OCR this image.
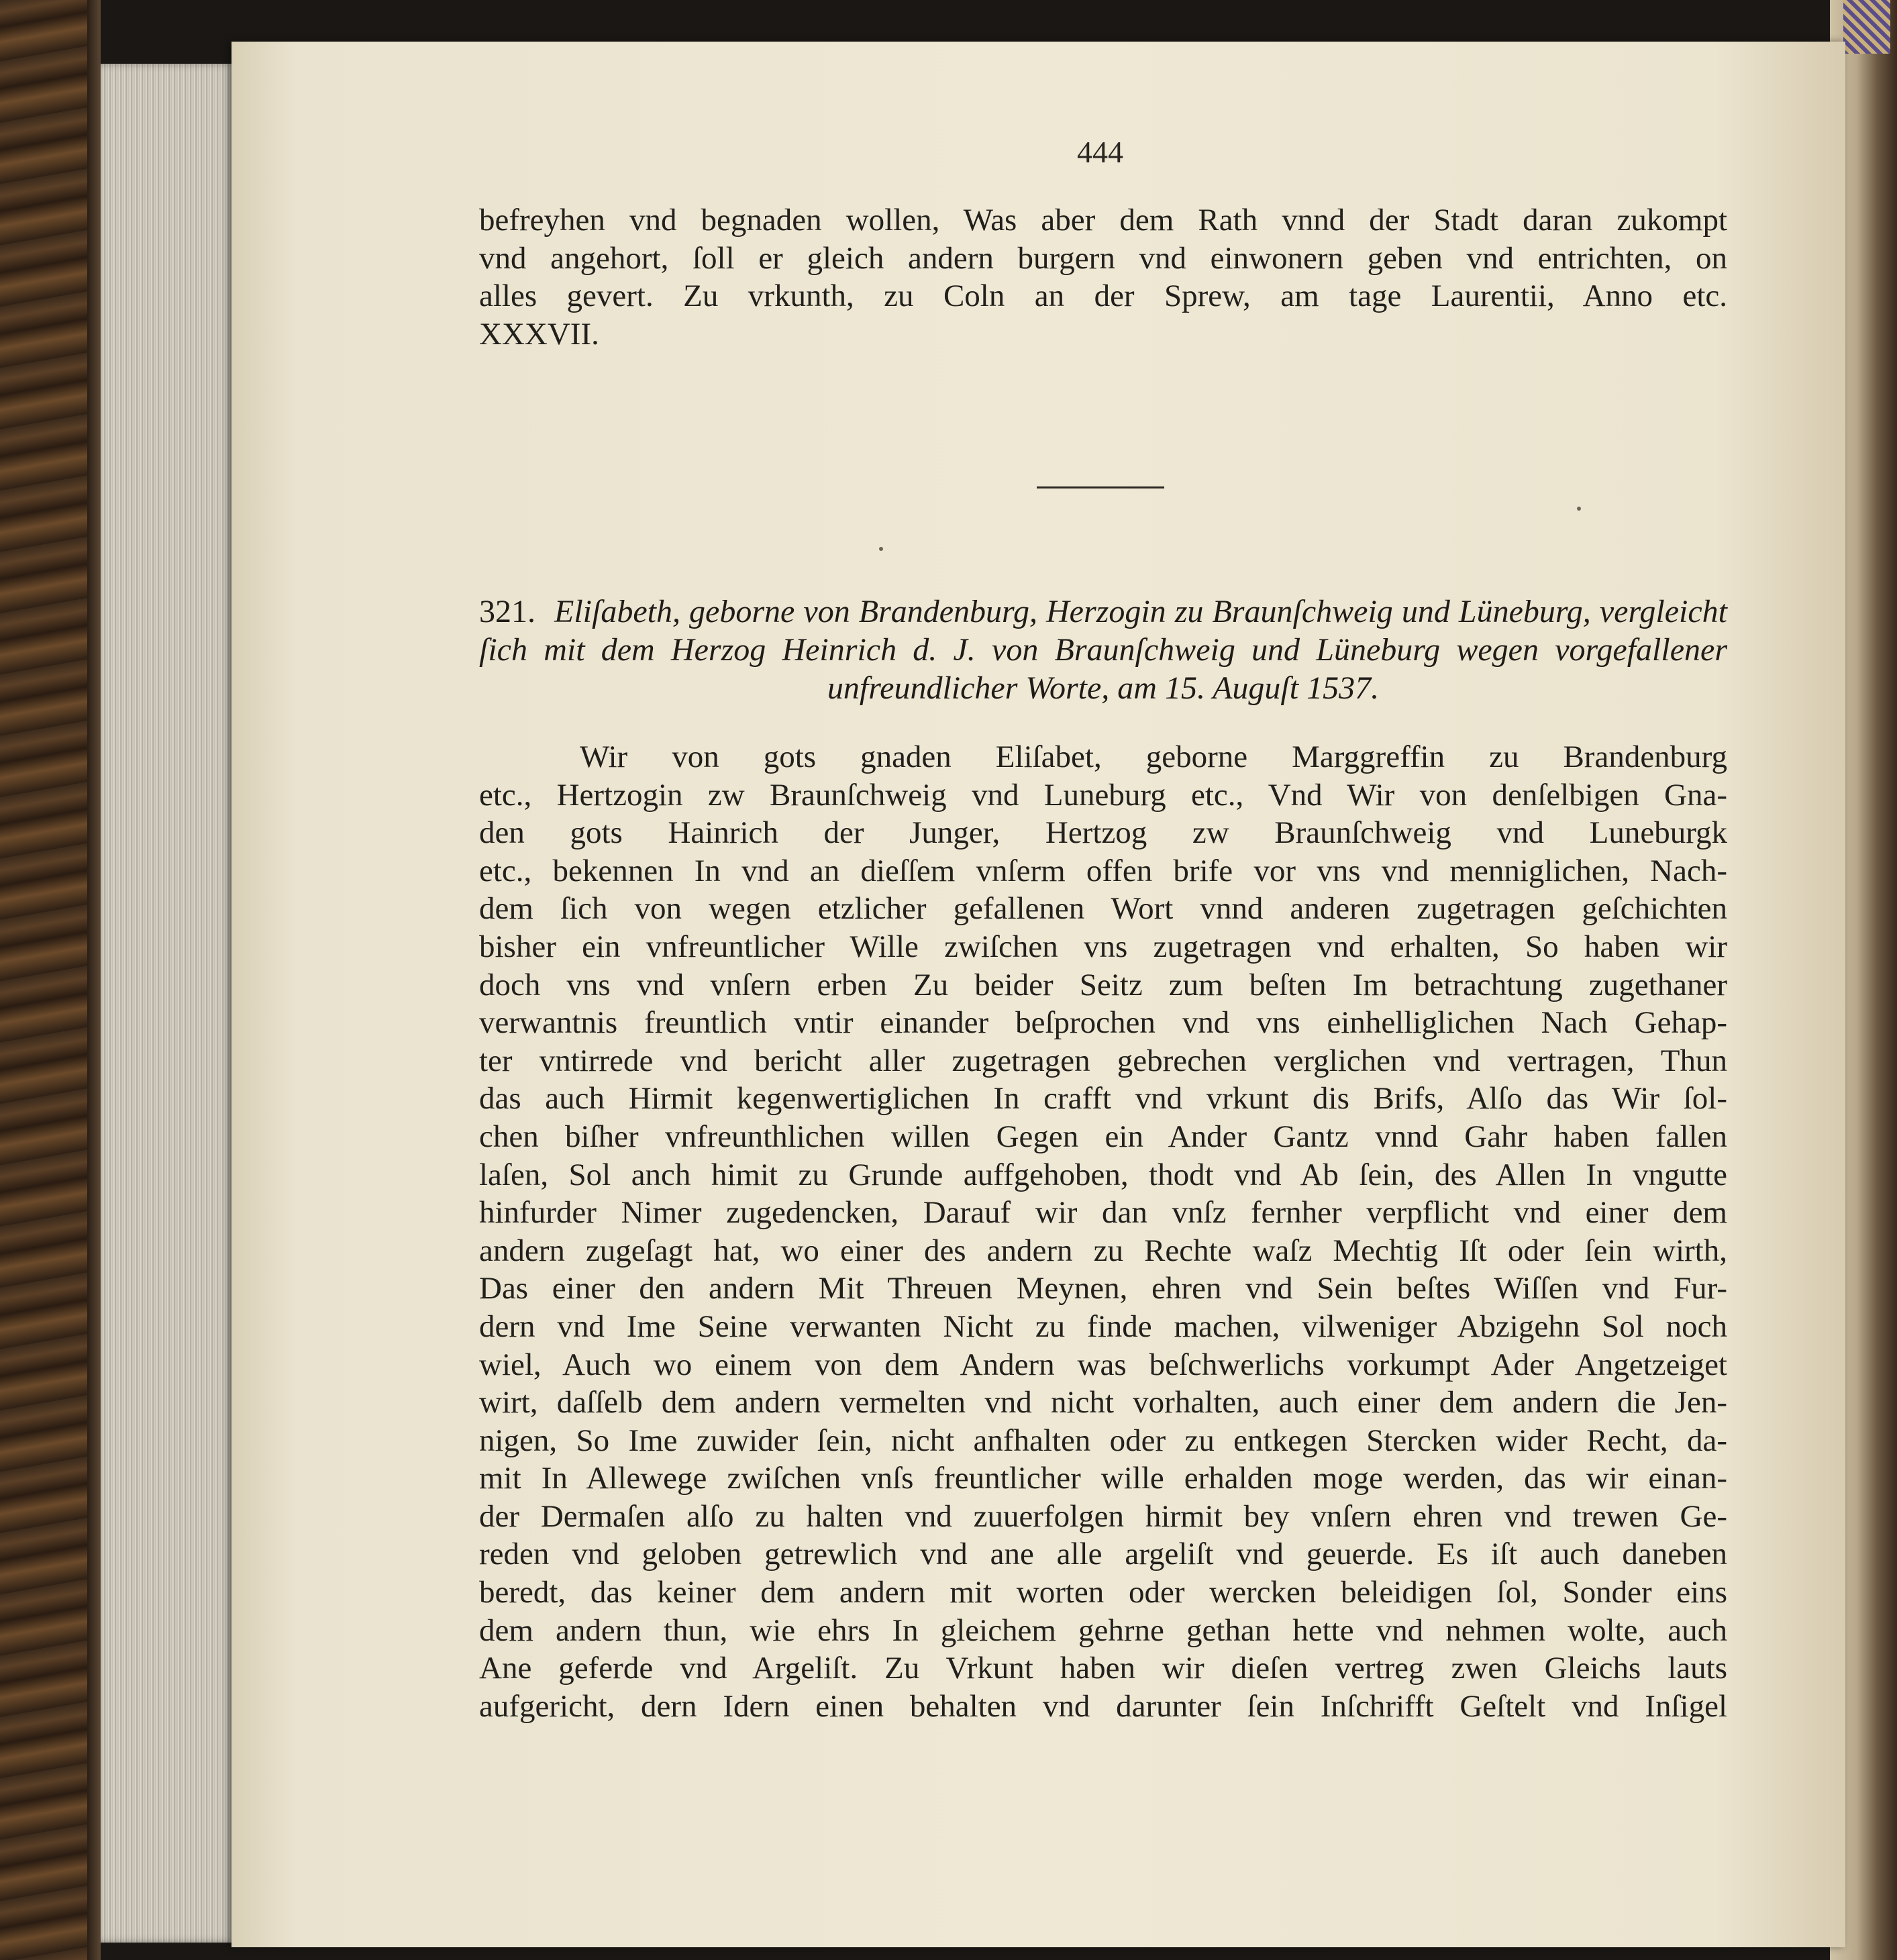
444
befreyhen vnd begnaden wollen, Was aber dem Rath vnnd der Stadt daran zukompt
vnd angehort, ſoll er gleich andern burgern vnd einwonern geben vnd entrichten, on
alles gevert. Zu vrkunth, zu Coln an der Sprew, am tage Laurentii, Anno etc.
XXXVII.
321. Eliſabeth, geborne von Brandenburg, Herzogin zu Braunſchweig und Lüneburg, vergleicht
ſich mit dem Herzog Heinrich d. J. von Braunſchweig und Lüneburg wegen vorgefallener
unfreundlicher Worte, am 15. Auguſt 1537.
Wir von gots gnaden Eliſabet, geborne Marggreffin zu Brandenburg
etc., Hertzogin zw Braunſchweig vnd Luneburg etc., Vnd Wir von denſelbigen Gna-
den gots Hainrich der Junger, Hertzog zw Braunſchweig vnd Luneburgk
etc., bekennen In vnd an dieſſem vnſerm offen brife vor vns vnd menniglichen, Nach-
dem ſich von wegen etzlicher gefallenen Wort vnnd anderen zugetragen geſchichten
bisher ein vnfreuntlicher Wille zwiſchen vns zugetragen vnd erhalten, So haben wir
doch vns vnd vnſern erben Zu beider Seitz zum beſten Im betrachtung zugethaner
verwantnis freuntlich vntir einander beſprochen vnd vns einhelliglichen Nach Gehap-
ter vntirrede vnd bericht aller zugetragen gebrechen verglichen vnd vertragen, Thun
das auch Hirmit kegenwertiglichen In crafft vnd vrkunt dis Brifs, Alſo das Wir ſol-
chen biſher vnfreunthlichen willen Gegen ein Ander Gantz vnnd Gahr haben fallen
laſen, Sol anch himit zu Grunde auffgehoben, thodt vnd Ab ſein, des Allen In vngutte
hinfurder Nimer zugedencken, Darauf wir dan vnſz fernher verpflicht vnd einer dem
andern zugeſagt hat, wo einer des andern zu Rechte waſz Mechtig Iſt oder ſein wirth,
Das einer den andern Mit Threuen Meynen, ehren vnd Sein beſtes Wiſſen vnd Fur-
dern vnd Ime Seine verwanten Nicht zu finde machen, vilweniger Abzigehn Sol noch
wiel, Auch wo einem von dem Andern was beſchwerlichs vorkumpt Ader Angetzeiget
wirt, daſſelb dem andern vermelten vnd nicht vorhalten, auch einer dem andern die Jen-
nigen, So Ime zuwider ſein, nicht anfhalten oder zu entkegen Stercken wider Recht, da-
mit In Allewege zwiſchen vnſs freuntlicher wille erhalden moge werden, das wir einan-
der Dermaſen alſo zu halten vnd zuuerfolgen hirmit bey vnſern ehren vnd trewen Ge-
reden vnd geloben getrewlich vnd ane alle argeliſt vnd geuerde. Es iſt auch daneben
beredt, das keiner dem andern mit worten oder wercken beleidigen ſol, Sonder eins
dem andern thun, wie ehrs In gleichem gehrne gethan hette vnd nehmen wolte, auch
Ane geferde vnd Argeliſt. Zu Vrkunt haben wir dieſen vertreg zwen Gleichs lauts
aufgericht, dern Idern einen behalten vnd darunter ſein Inſchrifft Geſtelt vnd Inſigel
